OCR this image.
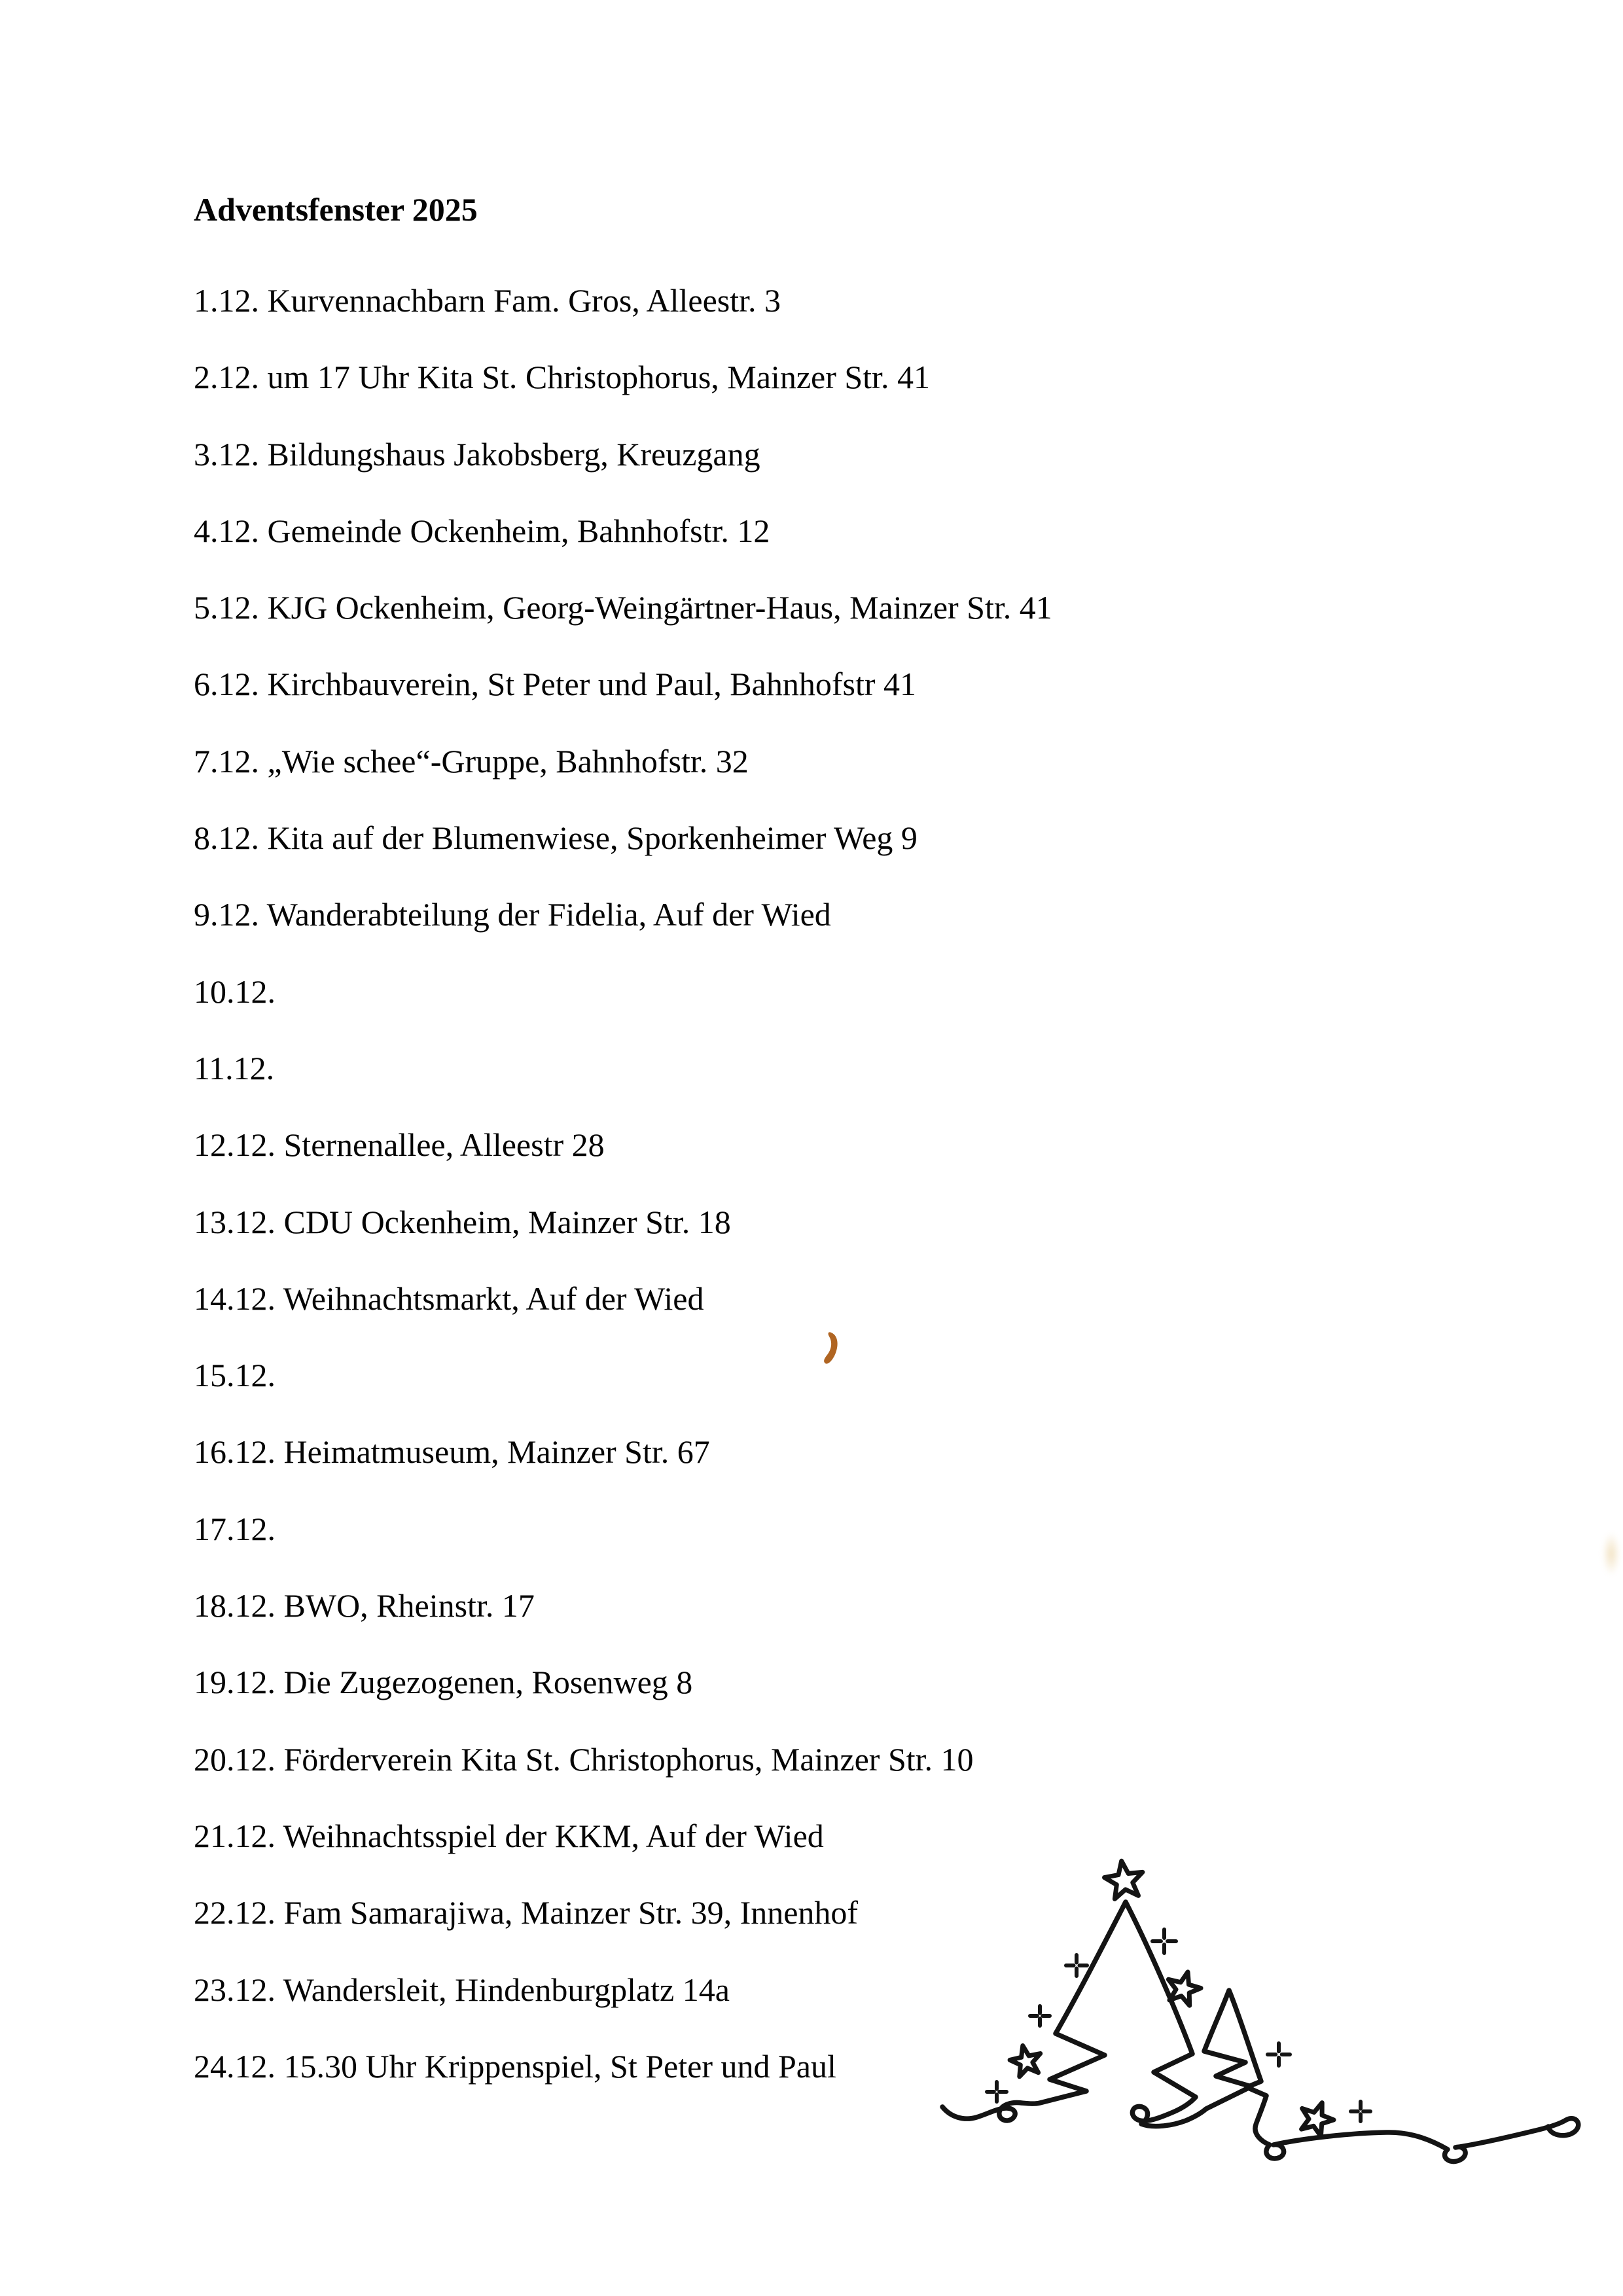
Adventsfenster 2025
1.12. Kurvennachbarn Fam. Gros, Alleestr. 3
2.12. um 17 Uhr Kita St. Christophorus, Mainzer Str. 41
3.12. Bildungshaus Jakobsberg, Kreuzgang
4.12. Gemeinde Ockenheim, Bahnhofstr. 12
5.12. KJG Ockenheim, Georg-Weingärtner-Haus, Mainzer Str. 41
6.12. Kirchbauverein, St Peter und Paul, Bahnhofstr 41
7.12. „Wie schee“-Gruppe, Bahnhofstr. 32
8.12. Kita auf der Blumenwiese, Sporkenheimer Weg 9
9.12. Wanderabteilung der Fidelia, Auf der Wied
10.12.
11.12.
12.12. Sternenallee, Alleestr 28
13.12. CDU Ockenheim, Mainzer Str. 18
14.12. Weihnachtsmarkt, Auf der Wied
15.12.
16.12. Heimatmuseum, Mainzer Str. 67
17.12.
18.12. BWO, Rheinstr. 17
19.12. Die Zugezogenen, Rosenweg 8
20.12. Förderverein Kita St. Christophorus, Mainzer Str. 10
21.12. Weihnachtsspiel der KKM, Auf der Wied
22.12. Fam Samarajiwa, Mainzer Str. 39, Innenhof
23.12. Wandersleit, Hindenburgplatz 14a
24.12. 15.30 Uhr Krippenspiel, St Peter und Paul
